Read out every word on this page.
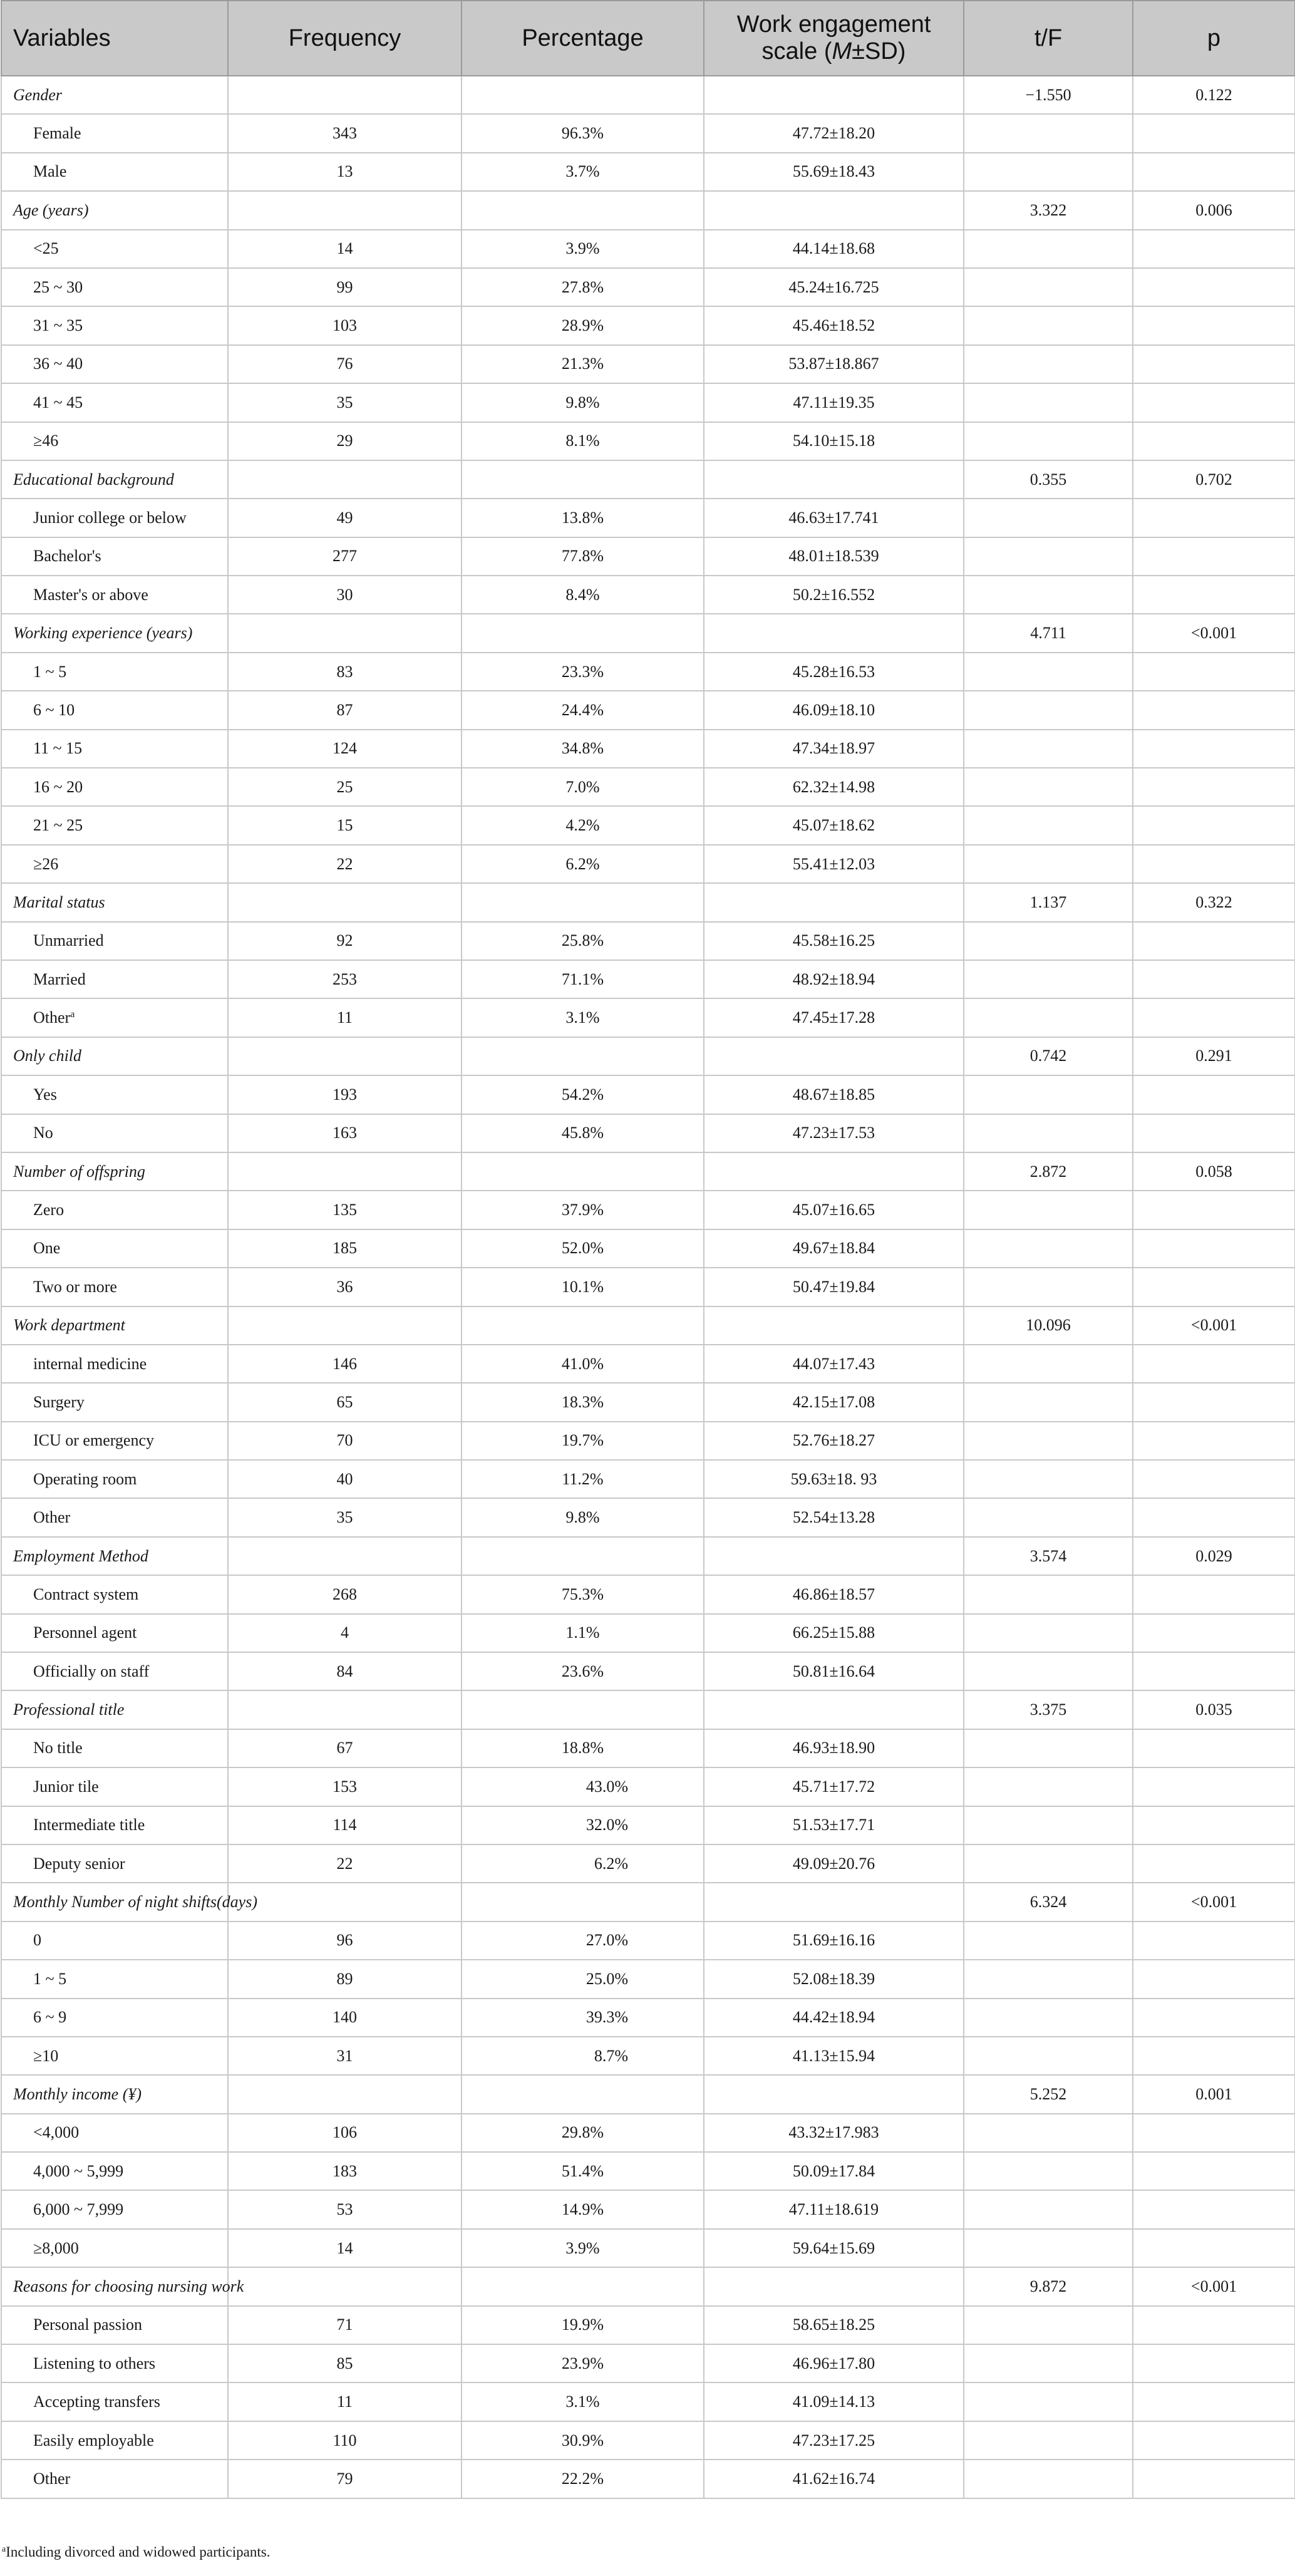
Variables	Frequency	Percentage	Work engagement
scale (M±SD)	t/F	p
Gender				−1.550	0.122
Female	343	96.3%	47.72±18.20		
Male	13	3.7%	55.69±18.43		
Age (years)				3.322	0.006
<25	14	3.9%	44.14±18.68		
25 ~ 30	99	27.8%	45.24±16.725		
31 ~ 35	103	28.9%	45.46±18.52		
36 ~ 40	76	21.3%	53.87±18.867		
41 ~ 45	35	9.8%	47.11±19.35		
≥46	29	8.1%	54.10±15.18		
Educational background				0.355	0.702
Junior college or below	49	13.8%	46.63±17.741		
Bachelor's	277	77.8%	48.01±18.539		
Master's or above	30	8.4%	50.2±16.552		
Working experience (years)				4.711	<0.001
1 ~ 5	83	23.3%	45.28±16.53		
6 ~ 10	87	24.4%	46.09±18.10		
11 ~ 15	124	34.8%	47.34±18.97		
16 ~ 20	25	7.0%	62.32±14.98		
21 ~ 25	15	4.2%	45.07±18.62		
≥26	22	6.2%	55.41±12.03		
Marital status				1.137	0.322
Unmarried	92	25.8%	45.58±16.25		
Married	253	71.1%	48.92±18.94		
Other$^a$	11	3.1%	47.45±17.28		
Only child				0.742	0.291
Yes	193	54.2%	48.67±18.85		
No	163	45.8%	47.23±17.53		
Number of offspring				2.872	0.058
Zero	135	37.9%	45.07±16.65		
One	185	52.0%	49.67±18.84		
Two or more	36	10.1%	50.47±19.84		
Work department				10.096	<0.001
internal medicine	146	41.0%	44.07±17.43		
Surgery	65	18.3%	42.15±17.08		
ICU or emergency	70	19.7%	52.76±18.27		
Operating room	40	11.2%	59.63±18. 93		
Other	35	9.8%	52.54±13.28		
Employment Method				3.574	0.029
Contract system	268	75.3%	46.86±18.57		
Personnel agent	4	1.1%	66.25±15.88		
Officially on staff	84	23.6%	50.81±16.64		
Professional title				3.375	0.035
No title	67	18.8%	46.93±18.90		
Junior tile	153	43.0%	45.71±17.72		
Intermediate title	114	32.0%	51.53±17.71		
Deputy senior	22	6.2%	49.09±20.76		
Monthly Number of night shifts(days)				6.324	<0.001
0	96	27.0%	51.69±16.16		
1 ~ 5	89	25.0%	52.08±18.39		
6 ~ 9	140	39.3%	44.42±18.94		
≥10	31	8.7%	41.13±15.94		
Monthly income (¥)				5.252	0.001
<4,000	106	29.8%	43.32±17.983		
4,000 ~ 5,999	183	51.4%	50.09±17.84		
6,000 ~ 7,999	53	14.9%	47.11±18.619		
≥8,000	14	3.9%	59.64±15.69		
Reasons for choosing nursing work				9.872	<0.001
Personal passion	71	19.9%	58.65±18.25		
Listening to others	85	23.9%	46.96±17.80		
Accepting transfers	11	3.1%	41.09±14.13		
Easily employable	110	30.9%	47.23±17.25		
Other	79	22.2%	41.62±16.74		
$^a$Including divorced and widowed participants.
